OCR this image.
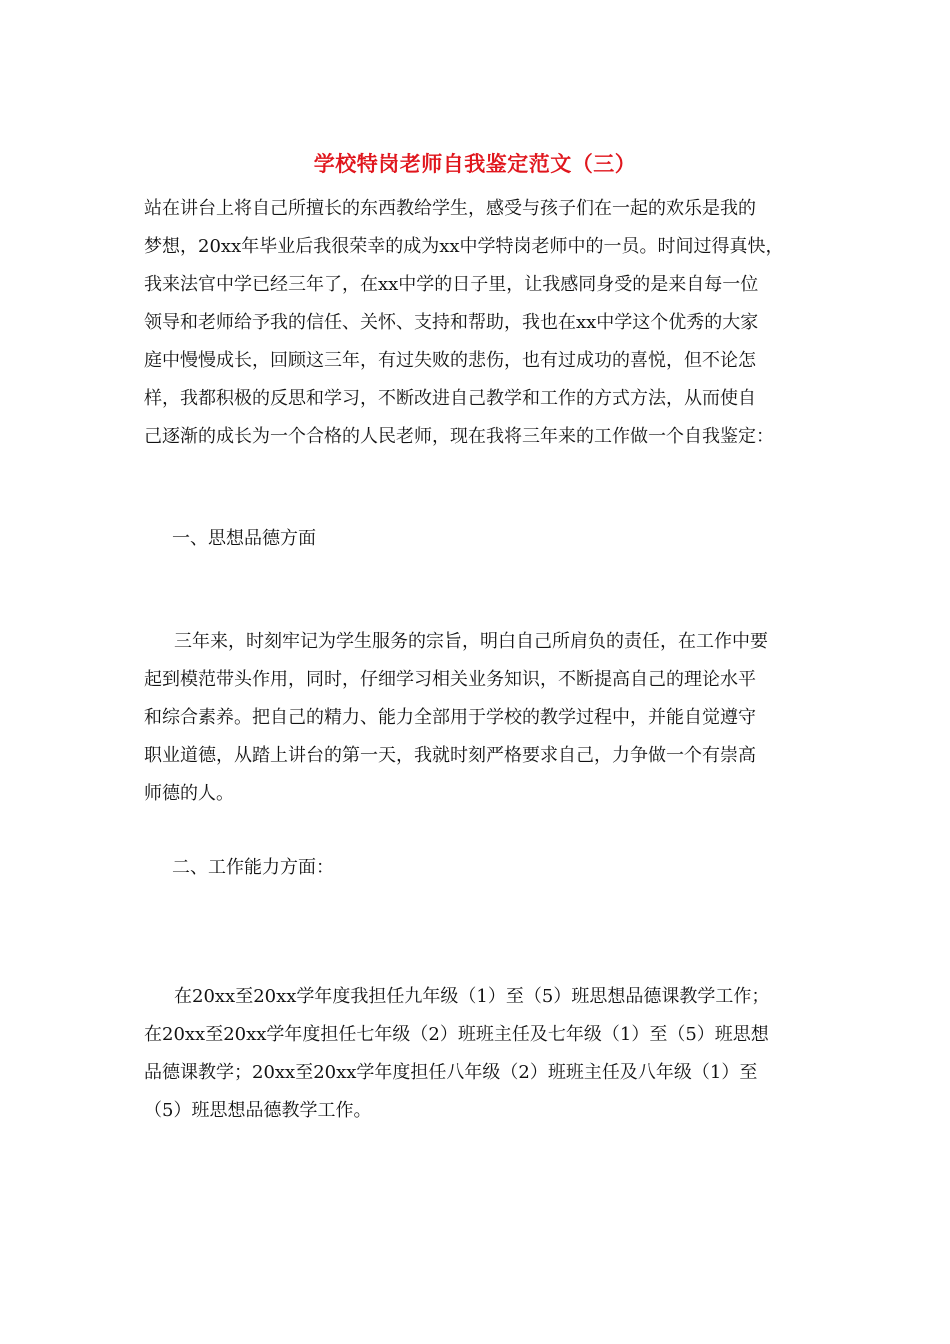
学校特岗老师自我鉴定范文（三）
站在讲台上将自己所擅长的东西教给学生，感受与孩子们在一起的欢乐是我的
梦想，20xx年毕业后我很荣幸的成为xx中学特岗老师中的一员。时间过得真快，
我来法官中学已经三年了，在xx中学的日子里，让我感同身受的是来自每一位
领导和老师给予我的信任、关怀、支持和帮助，我也在xx中学这个优秀的大家
庭中慢慢成长，回顾这三年，有过失败的悲伤，也有过成功的喜悦，但不论怎
样，我都积极的反思和学习，不断改进自己教学和工作的方式方法，从而使自
己逐渐的成长为一个合格的人民老师，现在我将三年来的工作做一个自我鉴定：
一、思想品德方面
三年来，时刻牢记为学生服务的宗旨，明白自己所肩负的责任，在工作中要
起到模范带头作用，同时，仔细学习相关业务知识，不断提高自己的理论水平
和综合素养。把自己的精力、能力全部用于学校的教学过程中，并能自觉遵守
职业道德，从踏上讲台的第一天，我就时刻严格要求自己，力争做一个有崇高
师德的人。
二、工作能力方面：
在20xx至20xx学年度我担任九年级（1）至（5）班思想品德课教学工作；
在20xx至20xx学年度担任七年级（2）班班主任及七年级（1）至（5）班思想
品德课教学；20xx至20xx学年度担任八年级（2）班班主任及八年级（1）至
（5）班思想品德教学工作。
